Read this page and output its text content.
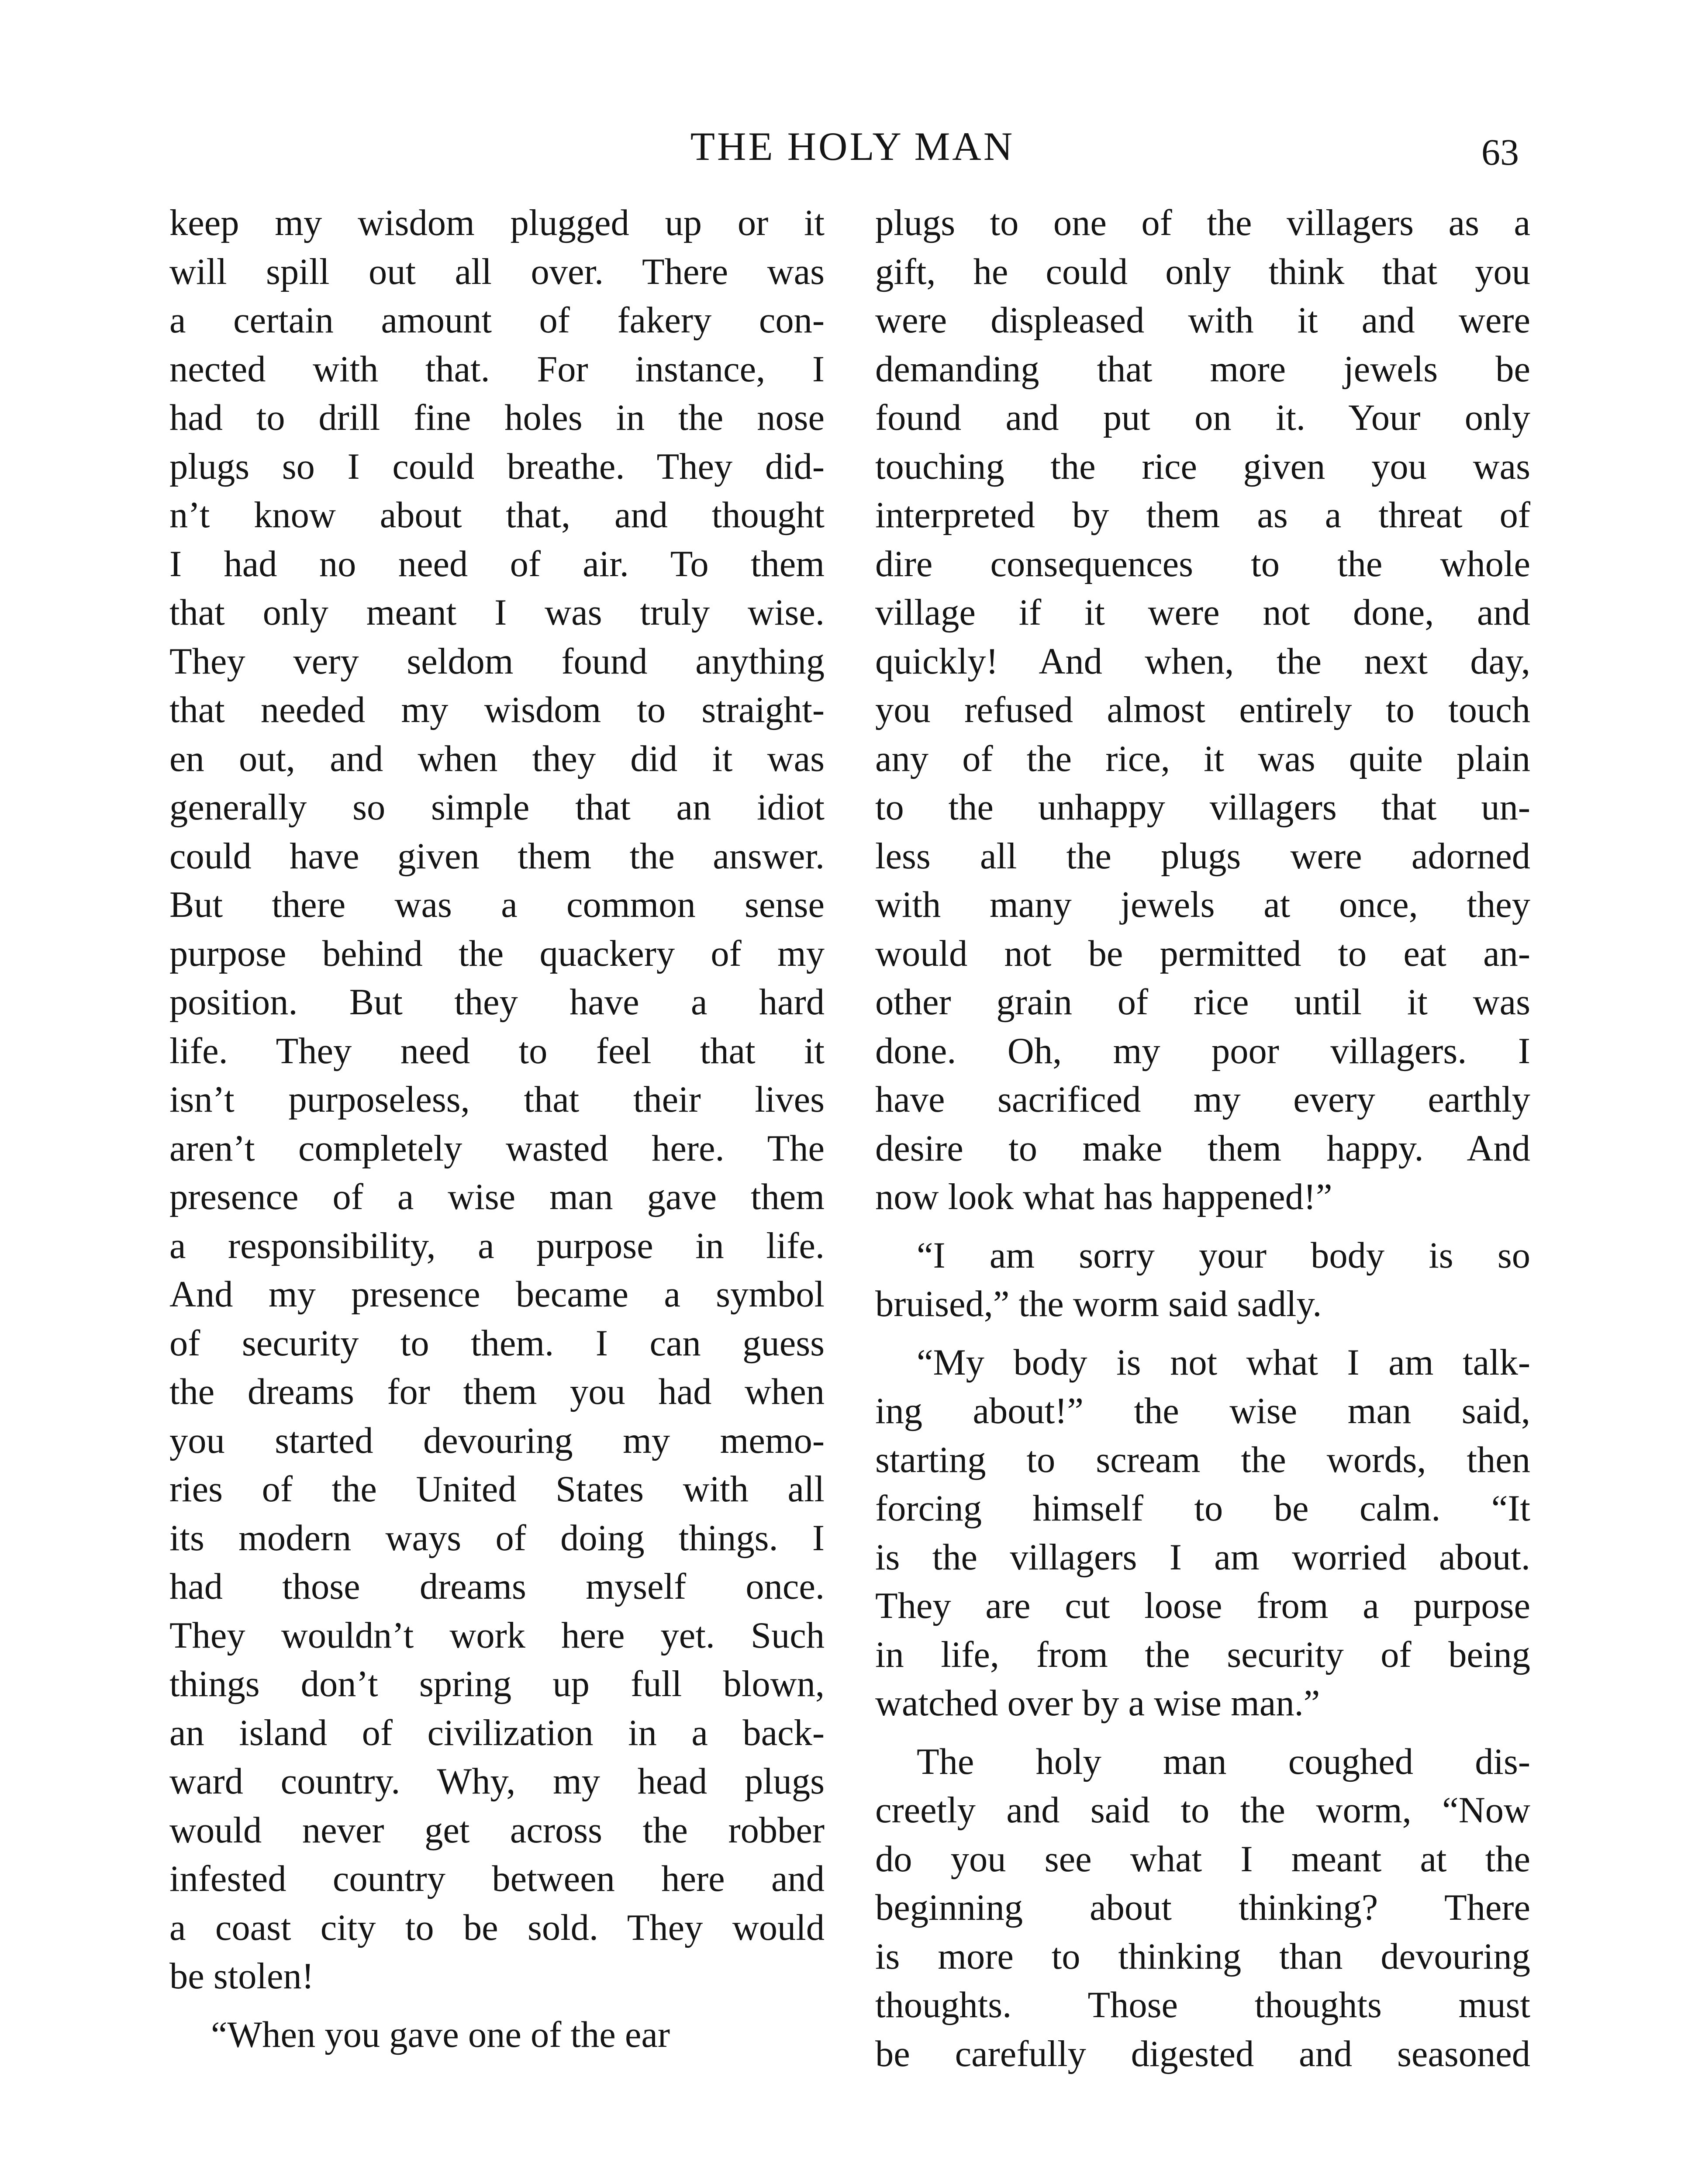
THE HOLY MAN	63
keep my wisdom plugged up or it
will spill out all over. There was
a certain amount of fakery con-
nected with that. For instance, I
had to drill fine holes in the nose
plugs so I could breathe. They did-
n’t know about that, and thought
I had no need of air. To them
that only meant I was truly wise.
They very seldom found anything
that needed my wisdom to straight-
en out, and when they did it was
generally so simple that an idiot
could have given them the answer.
But there was a common sense
purpose behind the quackery of my
position. But they have a hard
life. They need to feel that it
isn’t purposeless, that their lives
aren’t completely wasted here. The
presence of a wise man gave them
a responsibility, a purpose in life.
And my presence became a symbol
of security to them. I can guess
the dreams for them you had when
you started devouring my memo-
ries of the United States with all
its modern ways of doing things. I
had those dreams myself once.
They wouldn’t work here yet. Such
things don’t spring up full blown,
an island of civilization in a back-
ward country. Why, my head plugs
would never get across the robber
infested country between here and
a coast city to be sold. They would
be stolen!
“When you gave one of the ear
plugs to one of the villagers as a
gift, he could only think that you
were displeased with it and were
demanding that more jewels be
found and put on it. Your only
touching the rice given you was
interpreted by them as a threat of
dire consequences to the whole
village if it were not done, and
quickly! And when, the next day,
you refused almost entirely to touch
any of the rice, it was quite plain
to the unhappy villagers that un-
less all the plugs were adorned
with many jewels at once, they
would not be permitted to eat an-
other grain of rice until it was
done. Oh, my poor villagers. I
have sacrificed my every earthly
desire to make them happy. And
now look what has happened!”
“I am sorry your body is so
bruised,” the worm said sadly.
“My body is not what I am talk-
ing about!” the wise man said,
starting to scream the words, then
forcing himself to be calm. “It
is the villagers I am worried about.
They are cut loose from a purpose
in life, from the security of being
watched over by a wise man.”
The holy man coughed dis-
creetly and said to the worm, “Now
do you see what I meant at the
beginning about thinking? There
is more to thinking than devouring
thoughts. Those thoughts must
be carefully digested and seasoned
